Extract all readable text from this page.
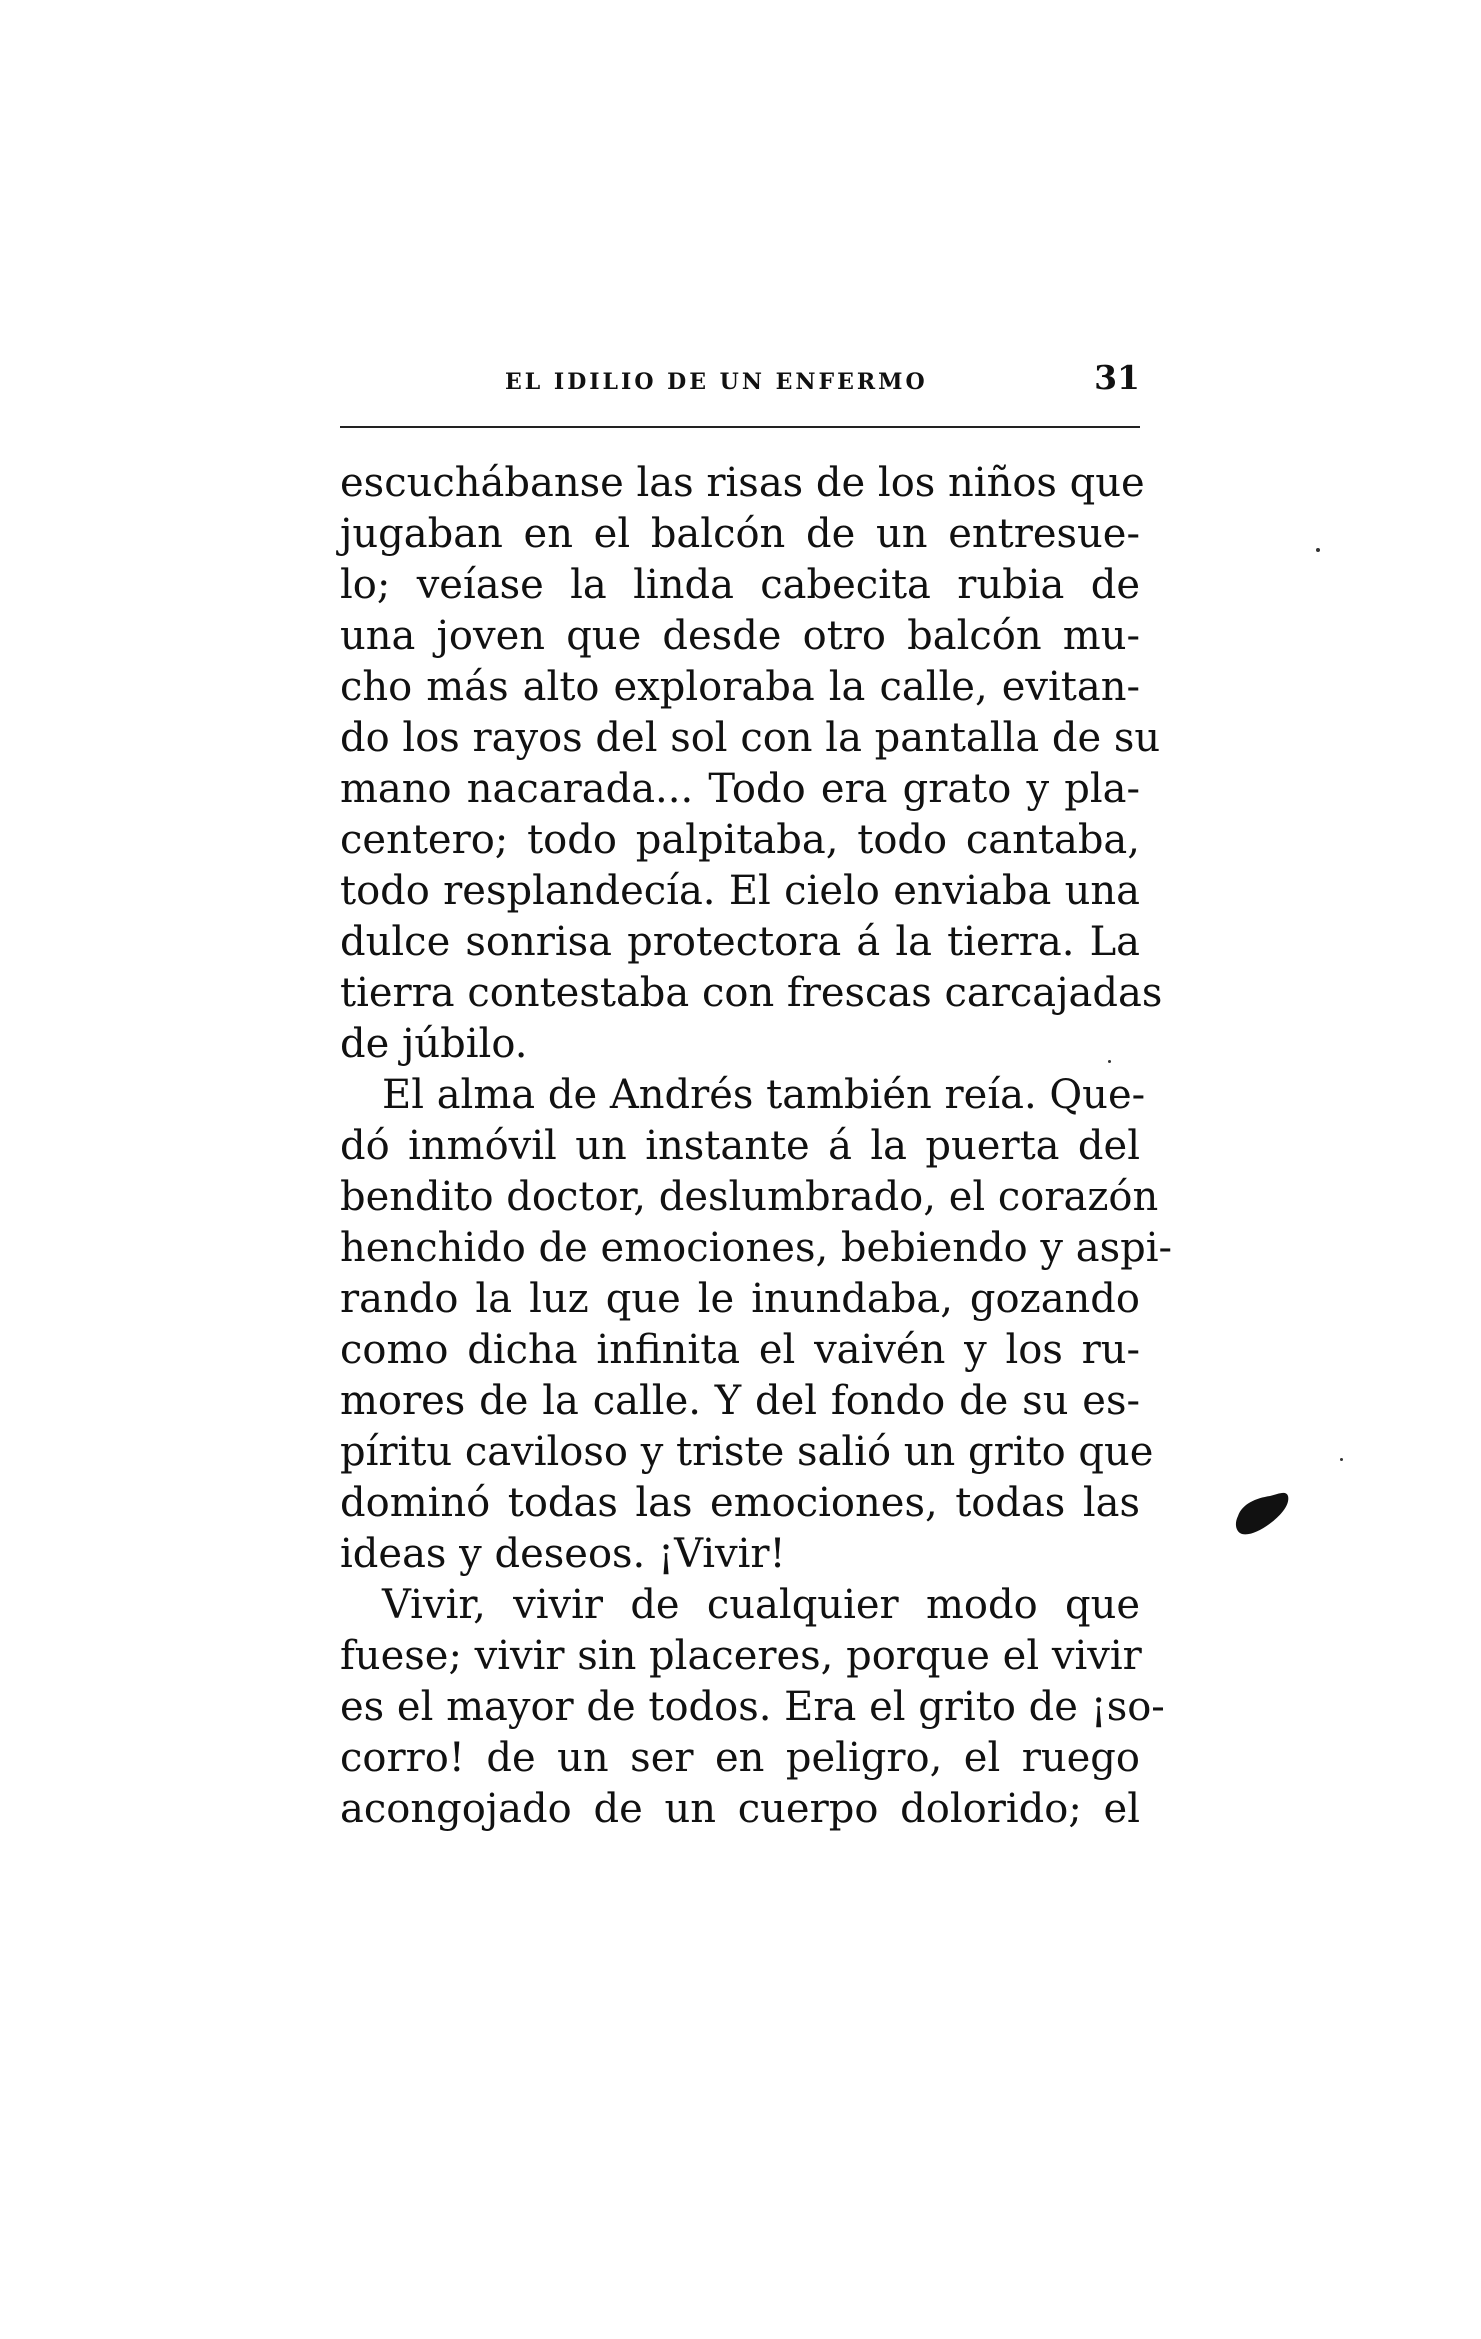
EL IDILIO DE UN ENFERMO	31
escuchábanse las risas de los niños que
jugaban en el balcón de un entresue-
lo; veíase la linda cabecita rubia de
una joven que desde otro balcón mu-
cho más alto exploraba la calle, evitan-
do los rayos del sol con la pantalla de su
mano nacarada... Todo era grato y pla-
centero; todo palpitaba, todo cantaba,
todo resplandecía. El cielo enviaba una
dulce sonrisa protectora á la tierra. La
tierra contestaba con frescas carcajadas
de júbilo.
El alma de Andrés también reía. Que-
dó inmóvil un instante á la puerta del
bendito doctor, deslumbrado, el corazón
henchido de emociones, bebiendo y aspi-
rando la luz que le inundaba, gozando
como dicha infinita el vaivén y los ru-
mores de la calle. Y del fondo de su es-
píritu caviloso y triste salió un grito que
dominó todas las emociones, todas las
ideas y deseos. ¡Vivir!
Vivir, vivir de cualquier modo que
fuese; vivir sin placeres, porque el vivir
es el mayor de todos. Era el grito de ¡so-
corro! de un ser en peligro, el ruego
acongojado de un cuerpo dolorido; el
